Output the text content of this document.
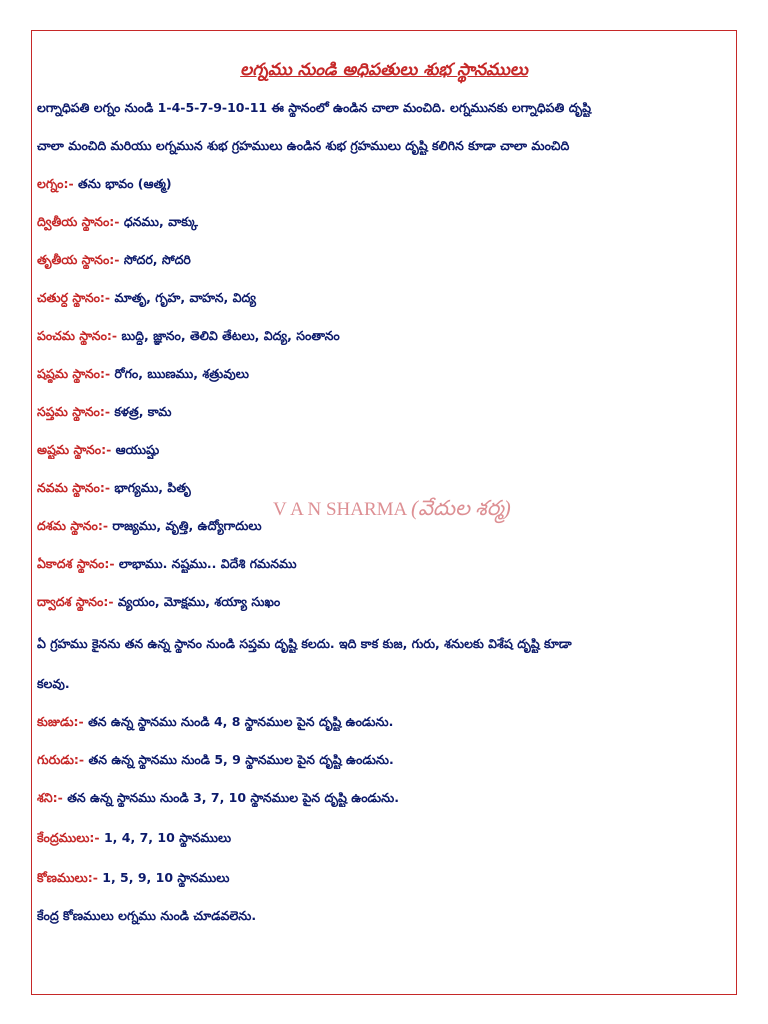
లగ్నము నుండి అధిపతులు శుభ స్థానములు
లగ్నాధిపతి లగ్నం నుండి 1-4-5-7-9-10-11 ఈ స్థానంలో ఉండిన చాలా మంచిది. లగ్నమునకు లగ్నాధిపతి దృష్టి
చాలా మంచిది మరియు లగ్నమున శుభ గ్రహములు ఉండిన శుభ గ్రహములు దృష్టి కలిగిన కూడా చాలా మంచిది
లగ్నం:- తను భావం (ఆత్మ)
ద్వితీయ స్థానం:- ధనము, వాక్కు
తృతీయ స్థానం:- సోదర, సోదరి
చతుర్ధ స్థానం:- మాతృ, గృహ, వాహన, విద్య
పంచమ స్థానం:- బుద్ధి, జ్ఞానం, తెలివి తేటలు, విద్య, సంతానం
షష్ఠమ స్థానం:- రోగం, ఋణము, శత్రువులు
సప్తమ స్థానం:- కళత్ర, కామ
అష్టమ స్థానం:- ఆయుష్షు
నవమ స్థానం:- భాగ్యము, పితృ
దశమ స్థానం:- రాజ్యము, వృత్తి, ఉద్యోగాదులు
ఏకాదశ స్థానం:- లాభాము. నష్టము.. విదేశి గమనము
ద్వాదశ స్థానం:- వ్యయం, మోక్షము, శయ్యా సుఖం
ఏ గ్రహము కైనను తన ఉన్న స్థానం నుండి సప్తమ దృష్టి కలదు. ఇది కాక కుజ, గురు, శనులకు విశేష దృష్టి కూడా
కలవు.
కుజుడు:- తన ఉన్న స్థానము నుండి 4, 8 స్థానముల పైన దృష్టి ఉండును.
గురుడు:- తన ఉన్న స్థానము నుండి 5, 9 స్థానముల పైన దృష్టి ఉండును.
శని:- తన ఉన్న స్థానము నుండి 3, 7, 10 స్థానముల పైన దృష్టి ఉండును.
కేంద్రములు:- 1, 4, 7, 10 స్థానములు
కోణములు:- 1, 5, 9, 10 స్థానములు
కేంద్ర కోణములు లగ్నము నుండి చూడవలెను.
V A N SHARMA (వేదుల శర్మ)
